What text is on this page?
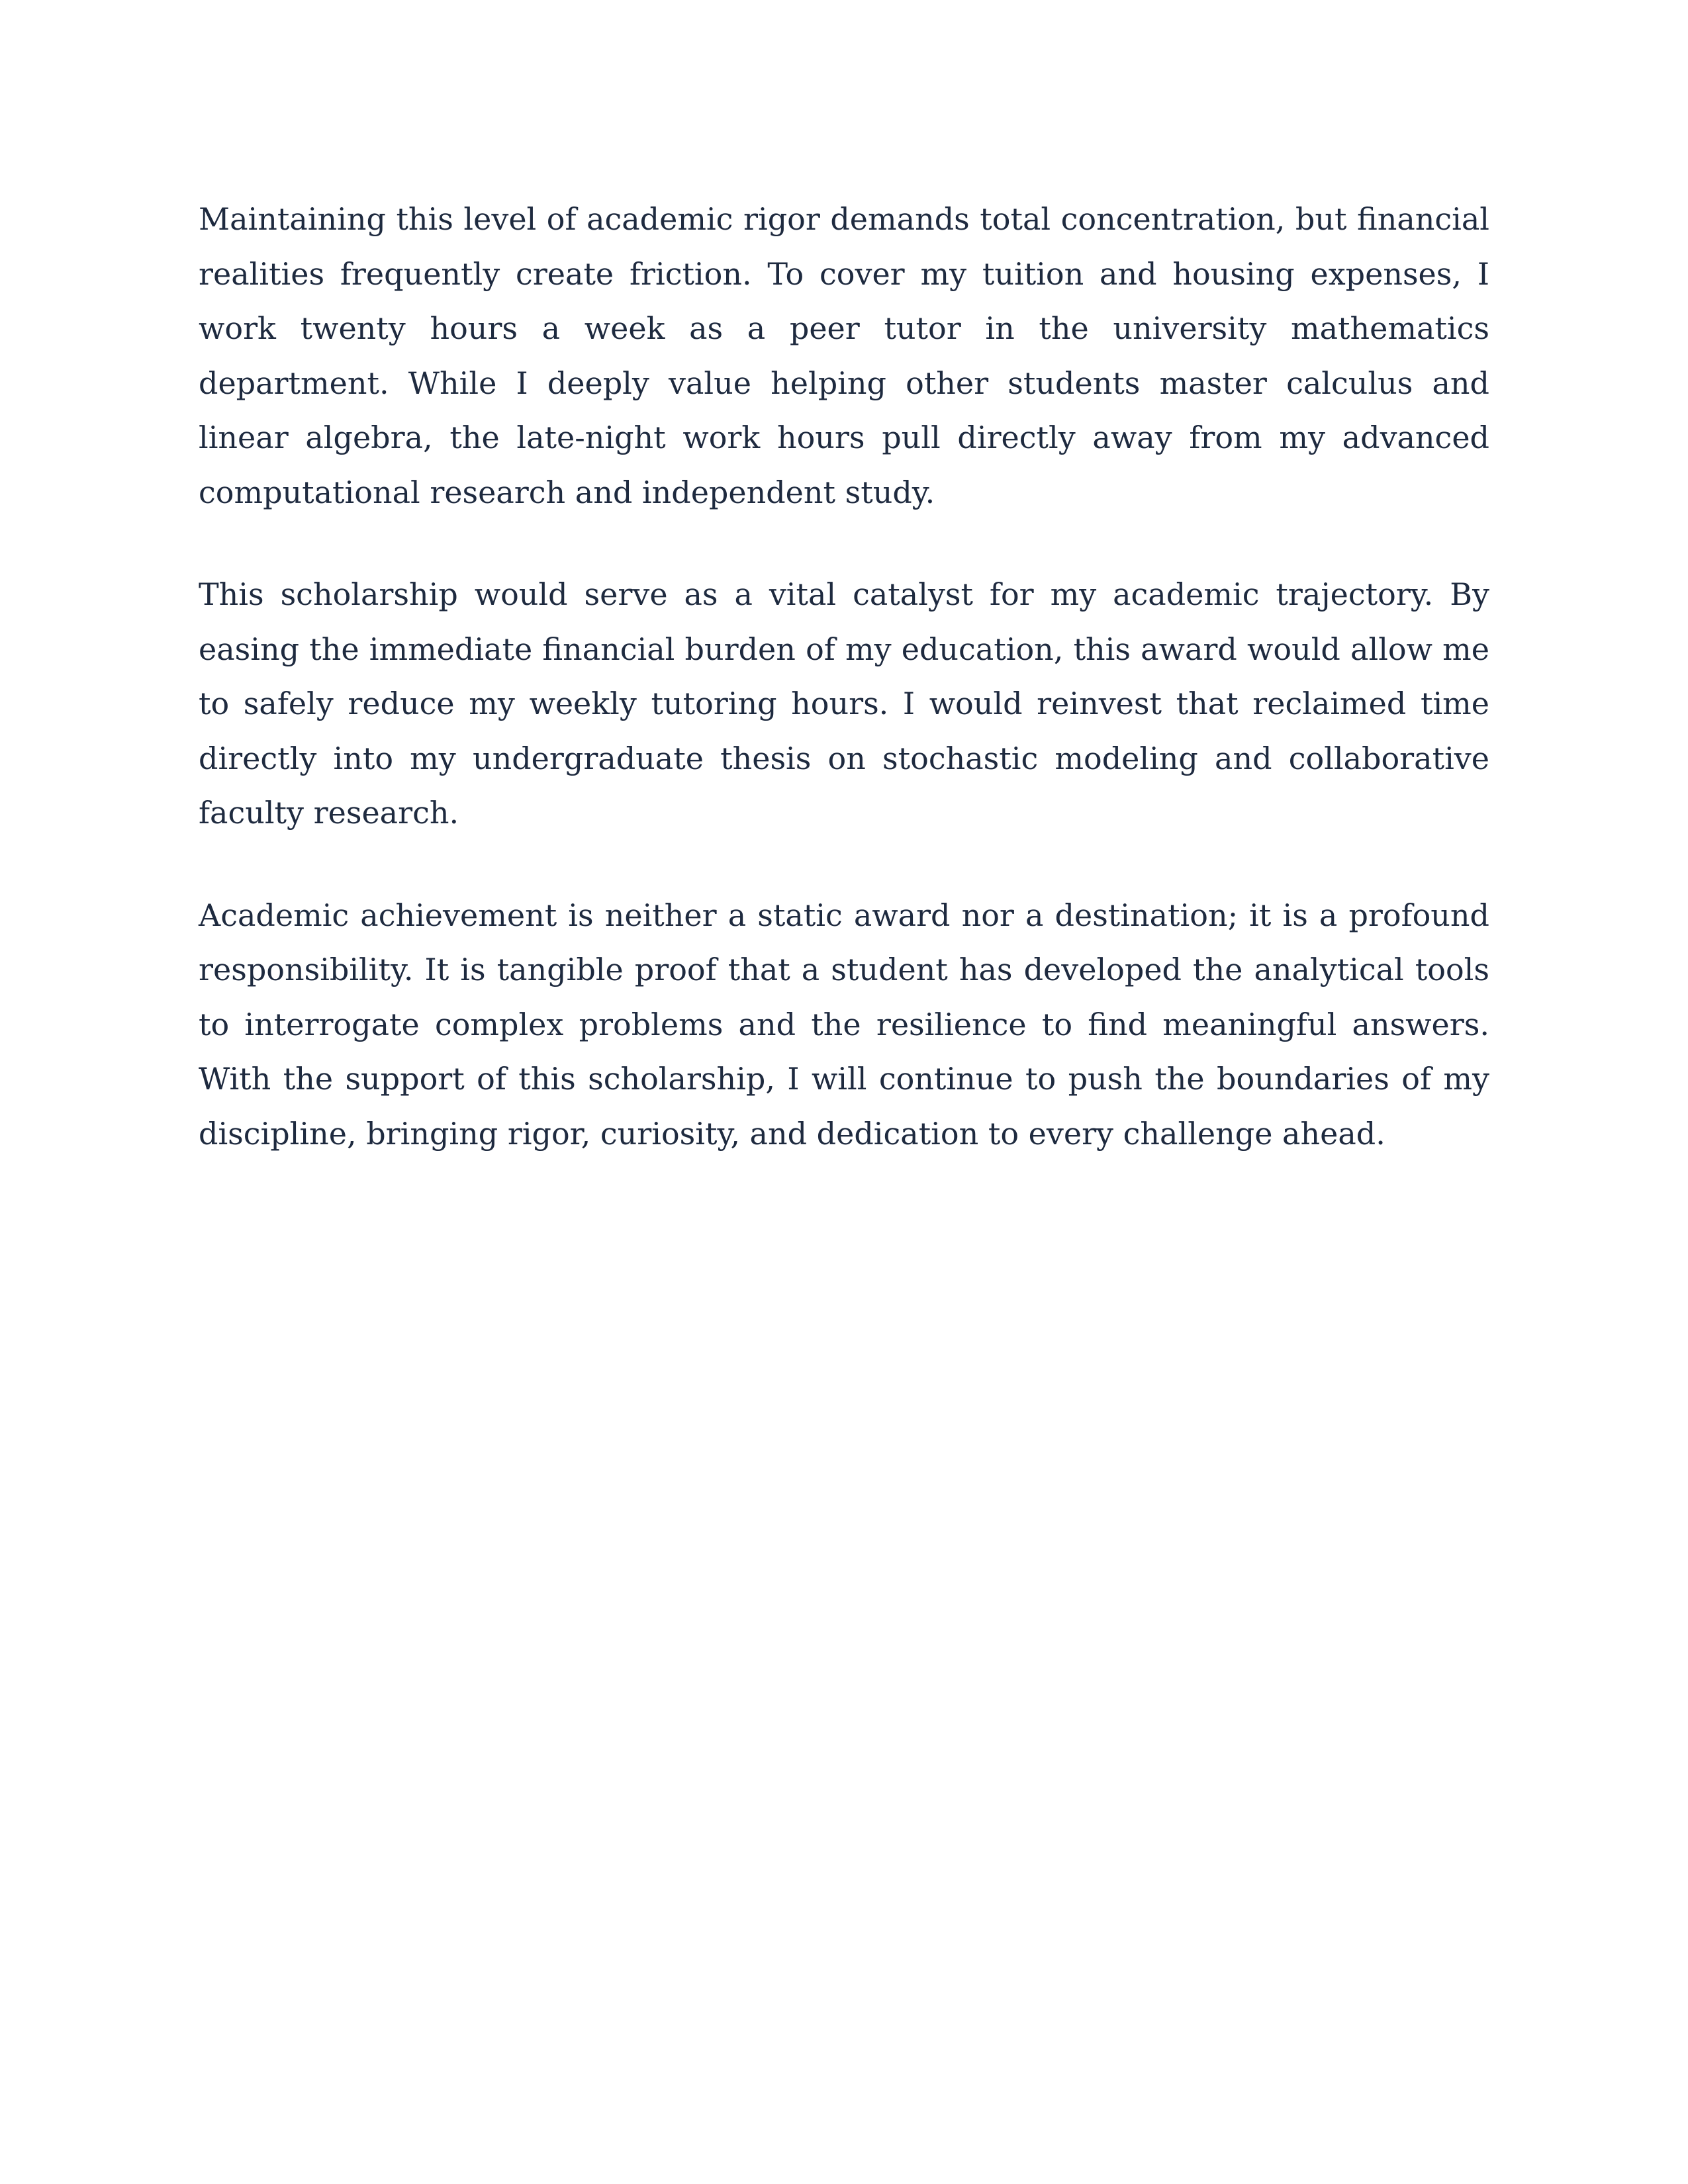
Maintaining this level of academic rigor demands total concentration, but financial realities frequently create friction. To cover my tuition and housing expenses, I work twenty hours a week as a peer tutor in the university mathematics department. While I deeply value helping other students master calculus and linear algebra, the late-night work hours pull directly away from my advanced computational research and independent study.

This scholarship would serve as a vital catalyst for my academic trajectory. By easing the immediate financial burden of my education, this award would allow me to safely reduce my weekly tutoring hours. I would reinvest that reclaimed time directly into my undergraduate thesis on stochastic modeling and collaborative faculty research.

Academic achievement is neither a static award nor a destination; it is a profound responsibility. It is tangible proof that a student has developed the analytical tools to interrogate complex problems and the resilience to find meaningful answers. With the support of this scholarship, I will continue to push the boundaries of my discipline, bringing rigor, curiosity, and dedication to every challenge ahead.
